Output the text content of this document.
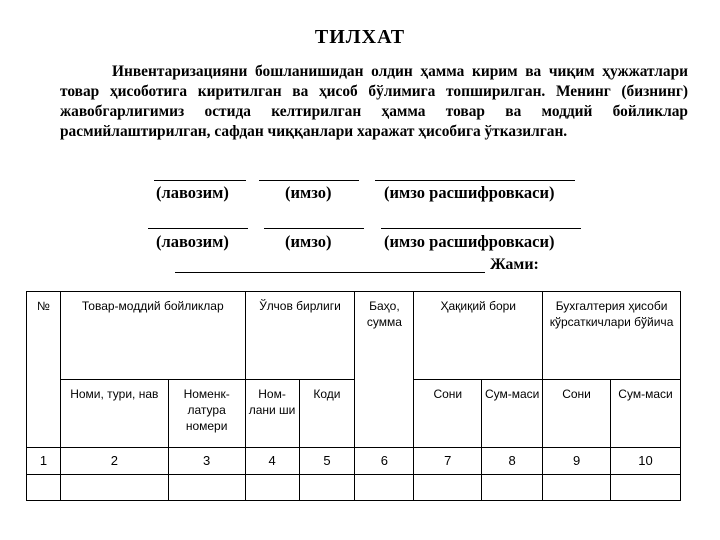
ТИЛХАТ
Инвентаризацияни бошланишидан олдин ҳамма кирим ва чиқим ҳужжатлари товар ҳисоботига киритилган ва ҳисоб бўлимига топширилган. Менинг (бизнинг) жавобгарлигимиз остида келтирилган ҳамма товар ва моддий бойликлар расмийлаштирилган, сафдан чиққанлари харажат ҳисобига ўтказилган.
(лавозим)	(имзо)	(имзо расшифровкаси)
(лавозим)	(имзо)	(имзо расшифровкаси)
Жами:
№	Товар-моддий бойликлар		Ўлчов бирлиги		Баҳо, сумма	Ҳақиқий бори		Бухгалтерия ҳисоби кўрсаткичлари бўйича	
	Номи, тури, нав	Номенк-латура номери	Ном-лани ши	Коди		Сони	Сум-маси	Сони	Сум-маси
1	2	3	4	5	6	7	8	9	10
